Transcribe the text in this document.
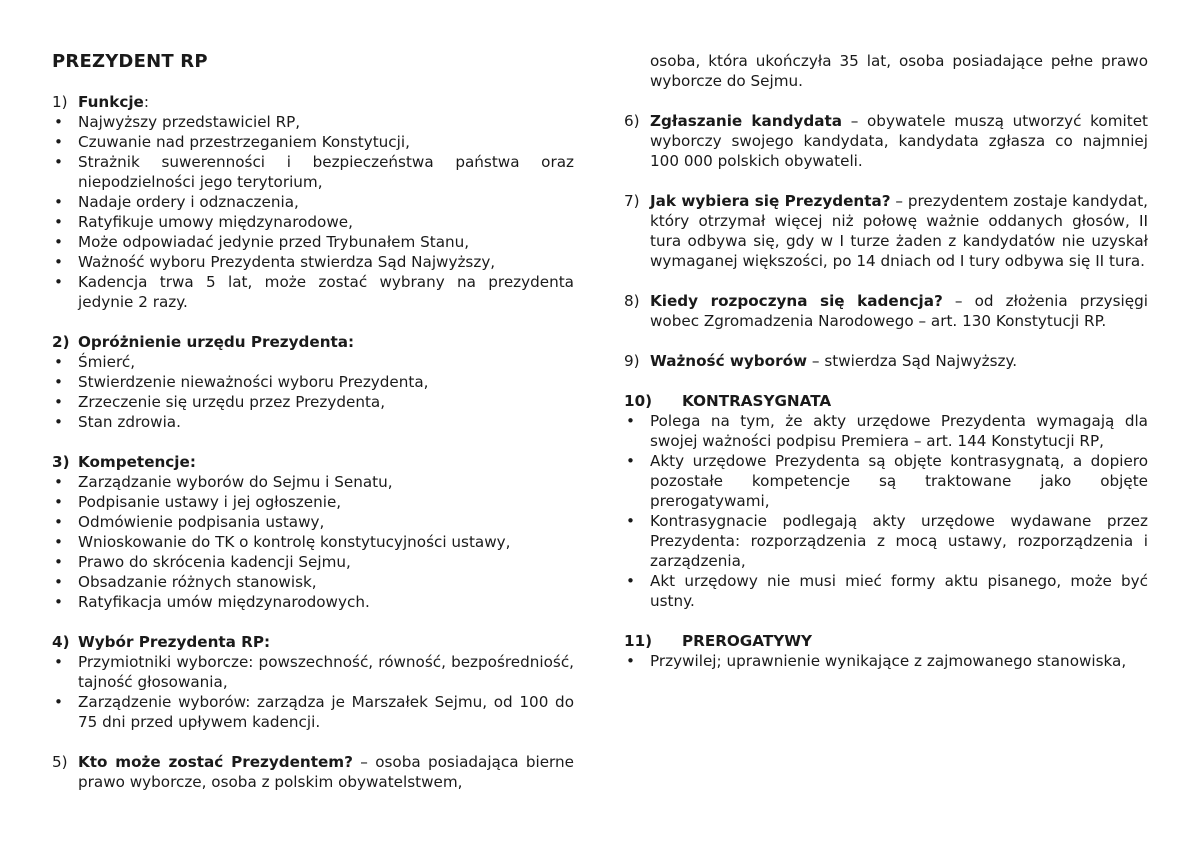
PREZYDENT RP
1) Funkcje:
• Najwyższy przedstawiciel RP,
• Czuwanie nad przestrzeganiem Konstytucji,
• Strażnik suwerenności i bezpieczeństwa państwa oraz niepodzielności jego terytorium,
• Nadaje ordery i odznaczenia,
• Ratyfikuje umowy międzynarodowe,
• Może odpowiadać jedynie przed Trybunałem Stanu,
• Ważność wyboru Prezydenta stwierdza Sąd Najwyższy,
• Kadencja trwa 5 lat, może zostać wybrany na prezydenta jedynie 2 razy.
2) Opróżnienie urzędu Prezydenta:
• Śmierć,
• Stwierdzenie nieważności wyboru Prezydenta,
• Zrzeczenie się urzędu przez Prezydenta,
• Stan zdrowia.
3) Kompetencje:
• Zarządzanie wyborów do Sejmu i Senatu,
• Podpisanie ustawy i jej ogłoszenie,
• Odmówienie podpisania ustawy,
• Wnioskowanie do TK o kontrolę konstytucyjności ustawy,
• Prawo do skrócenia kadencji Sejmu,
• Obsadzanie różnych stanowisk,
• Ratyfikacja umów międzynarodowych.
4) Wybór Prezydenta RP:
• Przymiotniki wyborcze: powszechność, równość, bezpośredniość, tajność głosowania,
• Zarządzenie wyborów: zarządza je Marszałek Sejmu, od 100 do 75 dni przed upływem kadencji.
5) Kto może zostać Prezydentem? – osoba posiadająca bierne prawo wyborcze, osoba z polskim obywatelstwem,
osoba, która ukończyła 35 lat, osoba posiadające pełne prawo wyborcze do Sejmu.
6) Zgłaszanie kandydata – obywatele muszą utworzyć komitet wyborczy swojego kandydata, kandydata zgłasza co najmniej 100 000 polskich obywateli.
7) Jak wybiera się Prezydenta? – prezydentem zostaje kandydat, który otrzymał więcej niż połowę ważnie oddanych głosów, II tura odbywa się, gdy w I turze żaden z kandydatów nie uzyskał wymaganej większości, po 14 dniach od I tury odbywa się II tura.
8) Kiedy rozpoczyna się kadencja? – od złożenia przysięgi wobec Zgromadzenia Narodowego – art. 130 Konstytucji RP.
9) Ważność wyborów – stwierdza Sąd Najwyższy.
10) KONTRASYGNATA
• Polega na tym, że akty urzędowe Prezydenta wymagają dla swojej ważności podpisu Premiera – art. 144 Konstytucji RP,
• Akty urzędowe Prezydenta są objęte kontrasygnatą, a dopiero pozostałe kompetencje są traktowane jako objęte prerogatywami,
• Kontrasygnacie podlegają akty urzędowe wydawane przez Prezydenta: rozporządzenia z mocą ustawy, rozporządzenia i zarządzenia,
• Akt urzędowy nie musi mieć formy aktu pisanego, może być ustny.
11) PREROGATYWY
• Przywilej; uprawnienie wynikające z zajmowanego stanowiska,
